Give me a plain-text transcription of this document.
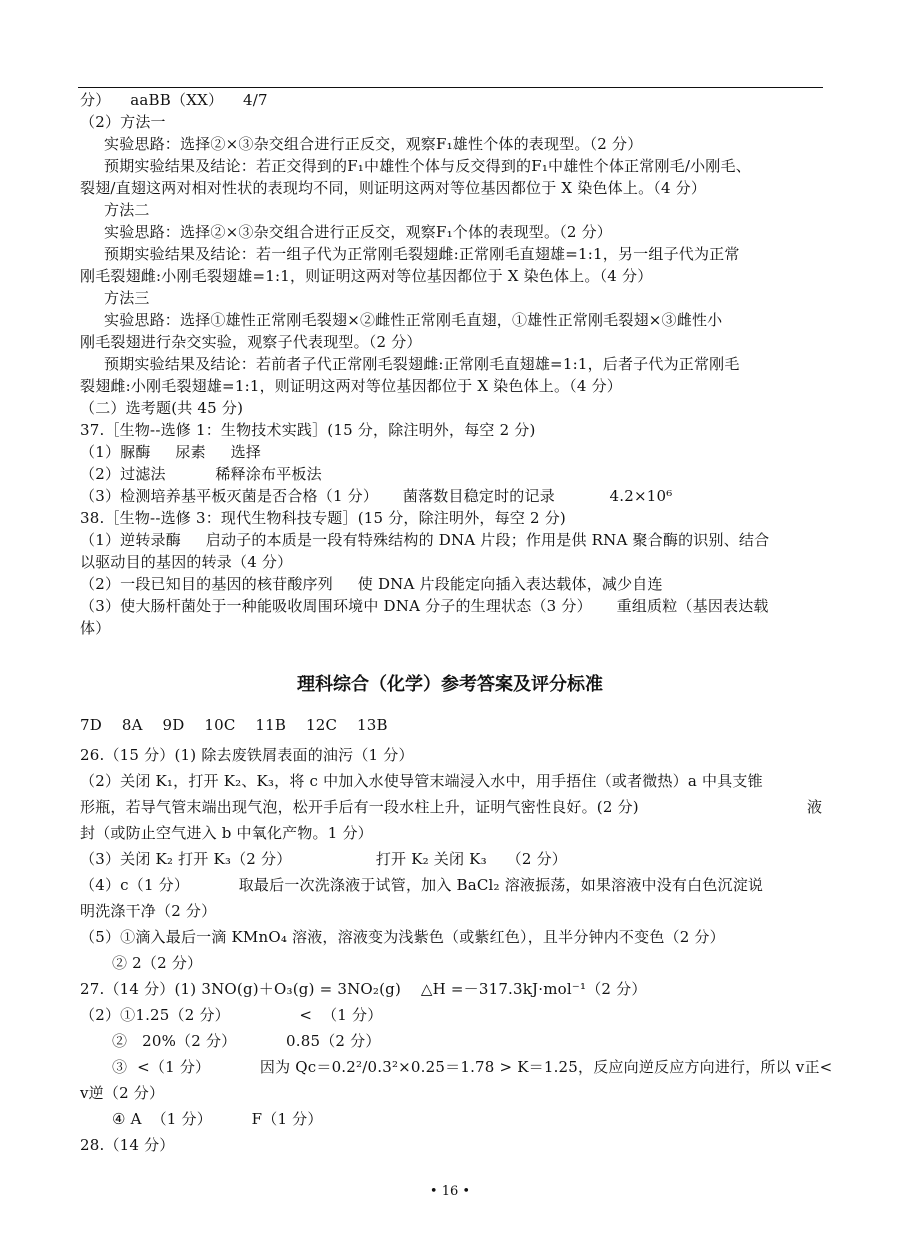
分）    aaBB（XX）    4/7
（2）方法一
实验思路：选择②×③杂交组合进行正反交，观察F₁雄性个体的表现型。（2 分）
预期实验结果及结论：若正交得到的F₁中雄性个体与反交得到的F₁中雄性个体正常刚毛/小刚毛、
裂翅/直翅这两对相对性状的表现均不同，则证明这两对等位基因都位于 X 染色体上。（4 分）
方法二
实验思路：选择②×③杂交组合进行正反交，观察F₁个体的表现型。（2 分）
预期实验结果及结论：若一组子代为正常刚毛裂翅雌:正常刚毛直翅雄=1:1，另一组子代为正常
刚毛裂翅雌:小刚毛裂翅雄=1:1，则证明这两对等位基因都位于 X 染色体上。（4 分）
方法三
实验思路：选择①雄性正常刚毛裂翅×②雌性正常刚毛直翅，①雄性正常刚毛裂翅×③雌性小
刚毛裂翅进行杂交实验，观察子代表现型。（2 分）
预期实验结果及结论：若前者子代正常刚毛裂翅雌:正常刚毛直翅雄=1:1，后者子代为正常刚毛
裂翅雌:小刚毛裂翅雄=1:1，则证明这两对等位基因都位于 X 染色体上。（4 分）
（二）选考题(共 45 分)
37.［生物--选修 1：生物技术实践］(15 分，除注明外，每空 2 分)
（1）脲酶     尿素     选择
（2）过滤法          稀释涂布平板法
（3）检测培养基平板灭菌是否合格（1 分）     菌落数目稳定时的记录           4.2×10⁶
38.［生物--选修 3：现代生物科技专题］(15 分，除注明外，每空 2 分)
（1）逆转录酶     启动子的本质是一段有特殊结构的 DNA 片段；作用是供 RNA 聚合酶的识别、结合
以驱动目的基因的转录（4 分）
（2）一段已知目的基因的核苷酸序列     使 DNA 片段能定向插入表达载体，减少自连
（3）使大肠杆菌处于一种能吸收周围环境中 DNA 分子的生理状态（3 分）     重组质粒（基因表达载
体）
理科综合（化学）参考答案及评分标准
7D    8A    9D    10C    11B    12C    13B
26.（15 分）(1) 除去废铁屑表面的油污（1 分）
（2）关闭 K₁，打开 K₂、K₃，将 c 中加入水使导管末端浸入水中，用手捂住（或者微热）a 中具支锥
形瓶，若导气管末端出现气泡，松开手后有一段水柱上升，证明气密性良好。(2 分)	液
封（或防止空气进入 b 中氧化产物。1 分）
（3）关闭 K₂ 打开 K₃（2 分）                 打开 K₂ 关闭 K₃    （2 分）
（4）c（1 分）          取最后一次洗涤液于试管，加入 BaCl₂ 溶液振荡，如果溶液中没有白色沉淀说
明洗涤干净（2 分）
（5）①滴入最后一滴 KMnO₄ 溶液，溶液变为浅紫色（或紫红色），且半分钟内不变色（2 分）
② 2（2 分）
27.（14 分）(1) 3NO(g)＋O₃(g) = 3NO₂(g)    △H =－317.3kJ·mol⁻¹（2 分）
（2）①1.25（2 分）              <  （1 分）
②   20%（2 分）          0.85（2 分）
③  <（1 分）          因为 Qc＝0.2²/0.3²×0.25＝1.78 > K＝1.25，反应向逆反应方向进行，所以 v正<
v逆（2 分）
④ A  （1 分）        F（1 分）
28.（14 分）
• 16 •
